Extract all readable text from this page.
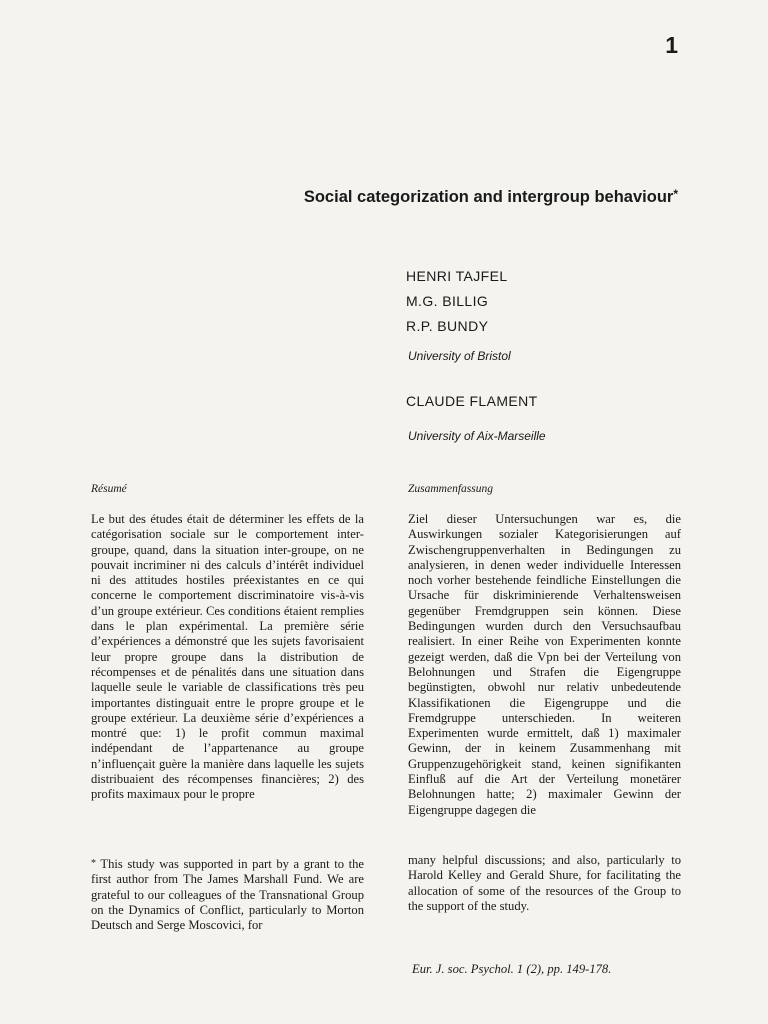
1
Social categorization and intergroup behaviour*
HENRI TAJFEL
M.G. BILLIG
R.P. BUNDY
University of Bristol
CLAUDE FLAMENT
University of Aix-Marseille
Résumé	Zusammenfassung

Le but des études était de déterminer les effets de la catégorisation sociale sur le comportement inter-groupe, quand, dans la situation inter-groupe, on ne pouvait incriminer ni des calculs d’intérêt individuel ni des attitudes hostiles préexistantes en ce qui concerne le comportement discriminatoire vis-à-vis d’un groupe extérieur. Ces conditions étaient remplies dans le plan expérimental. La première série d’expériences a démonstré que les sujets favorisaient leur propre groupe dans la distribution de récompenses et de pénalités dans une situation dans laquelle seule le variable de classifications très peu importantes distinguait entre le propre groupe et le groupe extérieur. La deuxième série d’expériences a montré que: 1) le profit commun maximal indépendant de l’appartenance au groupe n’influençait guère la manière dans laquelle les sujets distribuaient des récompenses financières; 2) des profits maximaux pour le propre

Ziel dieser Untersuchungen war es, die Auswirkungen sozialer Kategorisierungen auf Zwischengruppenverhalten in Bedingungen zu analysieren, in denen weder individuelle Interessen noch vorher bestehende feindliche Einstellungen die Ursache für diskriminierende Verhaltensweisen gegenüber Fremdgruppen sein können. Diese Bedingungen wurden durch den Versuchsaufbau realisiert. In einer Reihe von Experimenten konnte gezeigt werden, daß die Vpn bei der Verteilung von Belohnungen und Strafen die Eigengruppe begünstigten, obwohl nur relativ unbedeutende Klassifikationen die Eigengruppe und die Fremdgruppe unterschieden. In weiteren Experimenten wurde ermittelt, daß 1) maximaler Gewinn, der in keinem Zusammenhang mit Gruppenzugehörigkeit stand, keinen signifikanten Einfluß auf die Art der Verteilung monetärer Belohnungen hatte; 2) maximaler Gewinn der Eigengruppe dagegen die

* This study was supported in part by a grant to the first author from The James Marshall Fund. We are grateful to our colleagues of the Transnational Group on the Dynamics of Conflict, particularly to Morton Deutsch and Serge Moscovici, for

many helpful discussions; and also, particularly to Harold Kelley and Gerald Shure, for facilitating the allocation of some of the resources of the Group to the support of the study.

Eur. J. soc. Psychol. 1 (2), pp. 149-178.
